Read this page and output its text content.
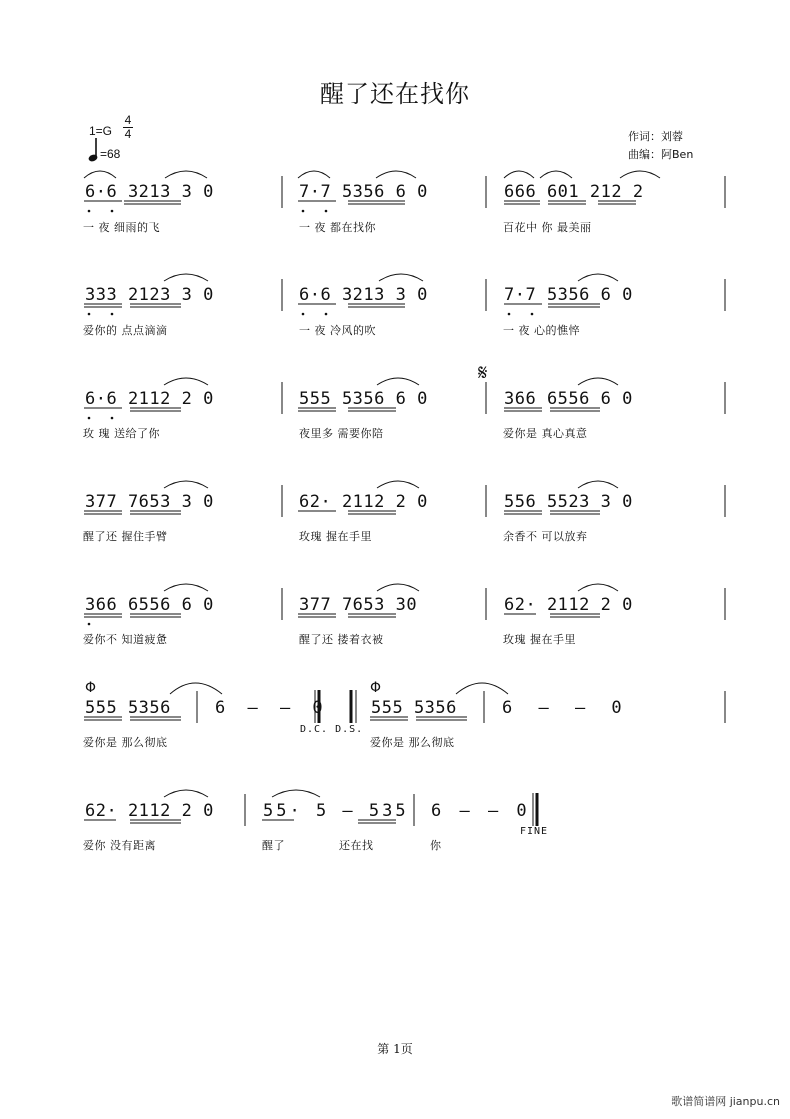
醒了还在找你
1=G
4
4
=68
作词：刘蓉
曲编：阿Ben
6·6 3213 3 0	7·7 5356 6 0	666 601 212 2
一 夜 细雨的飞	一 夜 都在找你	百花中 你 最美丽
333 2123 3 0	6·6 3213 3 0	7·7 5356 6 0
爱你的 点点滴滴	一 夜 冷风的吹	一 夜 心的憔悴
6·6 2112 2 0	555 5356 6 0	366 6556 6 0
玫 瑰 送给了你	夜里多 需要你陪	爱你是 真心真意
𝄋
377 7653 3 0	62· 2112 2 0	556 5523 3 0
醒了还 握住手臂	玫瑰 握在手里	余香不 可以放弃
366 6556 6 0	377 7653 30	62· 2112 2 0
爱你不 知道疲惫	醒了还 搂着衣被	玫瑰 握在手里
Φ
555 5356	6 – – 0
Φ
555 5356	6 – – 0
爱你是 那么彻底	爱你是 那么彻底
D.C. D.S.
62· 2112 2 0	55· 5 – 535 6 – – 0
爱你 没有距离	醒了 还在找	你
FINE
第 1页
歌谱简谱网 jianpu.cn
